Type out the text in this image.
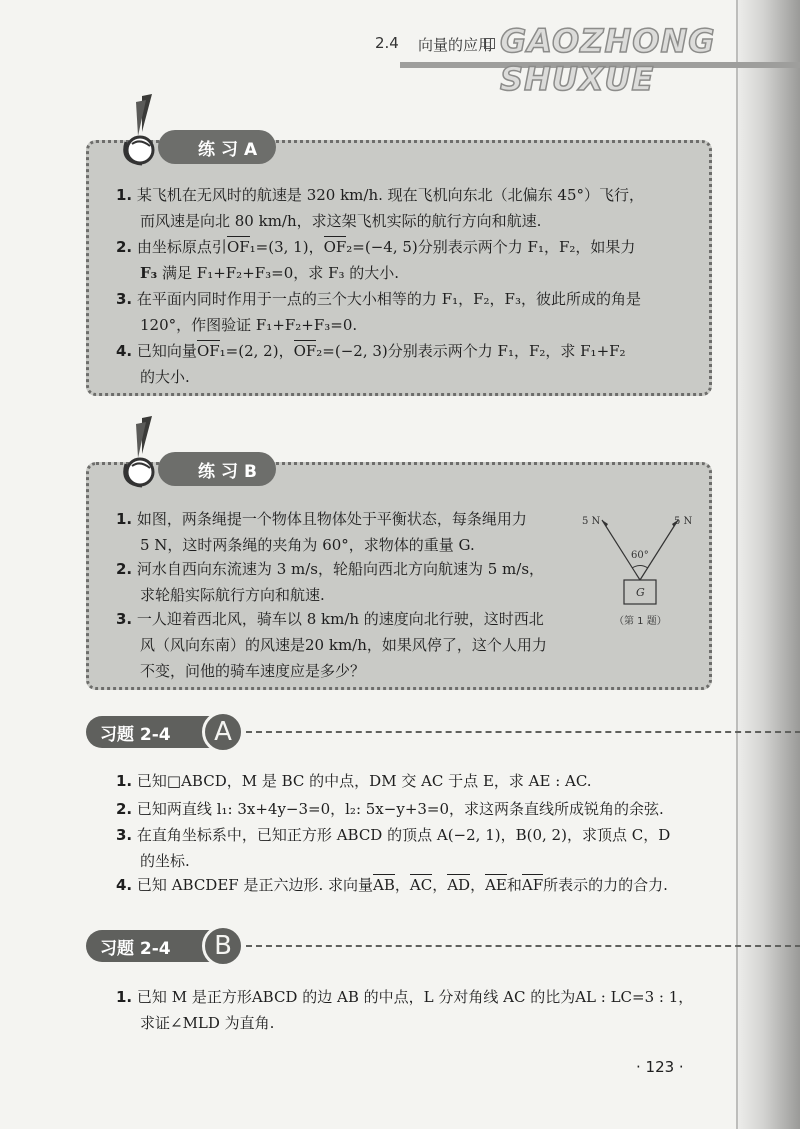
2.4 向量的应用 GAOZHONG SHUXUE
练习A
1. 某飞机在无风时的航速是 320 km/h. 现在飞机向东北（北偏东 45°）飞行，
而风速是向北 80 km/h，求这架飞机实际的航行方向和航速.
2. 由坐标原点引OF₁=(3, 1)，OF₂=(−4, 5)分别表示两个力 F₁，F₂，如果力
F₃ 满足 F₁+F₂+F₃=0，求 F₃ 的大小.
3. 在平面内同时作用于一点的三个大小相等的力 F₁，F₂，F₃，彼此所成的角是
120°，作图验证 F₁+F₂+F₃=0.
4. 已知向量OF₁=(2, 2)，OF₂=(−2, 3)分别表示两个力 F₁，F₂，求 F₁+F₂
的大小.
练习B
1. 如图，两条绳提一个物体且物体处于平衡状态，每条绳用力
5 N，这时两条绳的夹角为 60°，求物体的重量 G.
2. 河水自西向东流速为 3 m/s，轮船向西北方向航速为 5 m/s，
求轮船实际航行方向和航速.
3. 一人迎着西北风，骑车以 8 km/h 的速度向北行驶，这时西北
风（风向东南）的风速是20 km/h，如果风停了，这个人用力
不变，问他的骑车速度应是多少？
5 N	5 N
60°
G
（第 1 题）
习题 2-4	A
1. 已知□ABCD，M 是 BC 的中点，DM 交 AC 于点 E，求 AE : AC.
2. 已知两直线 l₁: 3x+4y−3=0，l₂: 5x−y+3=0，求这两条直线所成锐角的余弦.
3. 在直角坐标系中，已知正方形 ABCD 的顶点 A(−2, 1)，B(0, 2)，求顶点 C，D
的坐标.
4. 已知 ABCDEF 是正六边形. 求向量AB，AC，AD，AE和AF所表示的力的合力.
习题 2-4	B
1. 已知 M 是正方形ABCD 的边 AB 的中点，L 分对角线 AC 的比为AL : LC=3 : 1，
求证∠MLD 为直角.
· 123 ·
